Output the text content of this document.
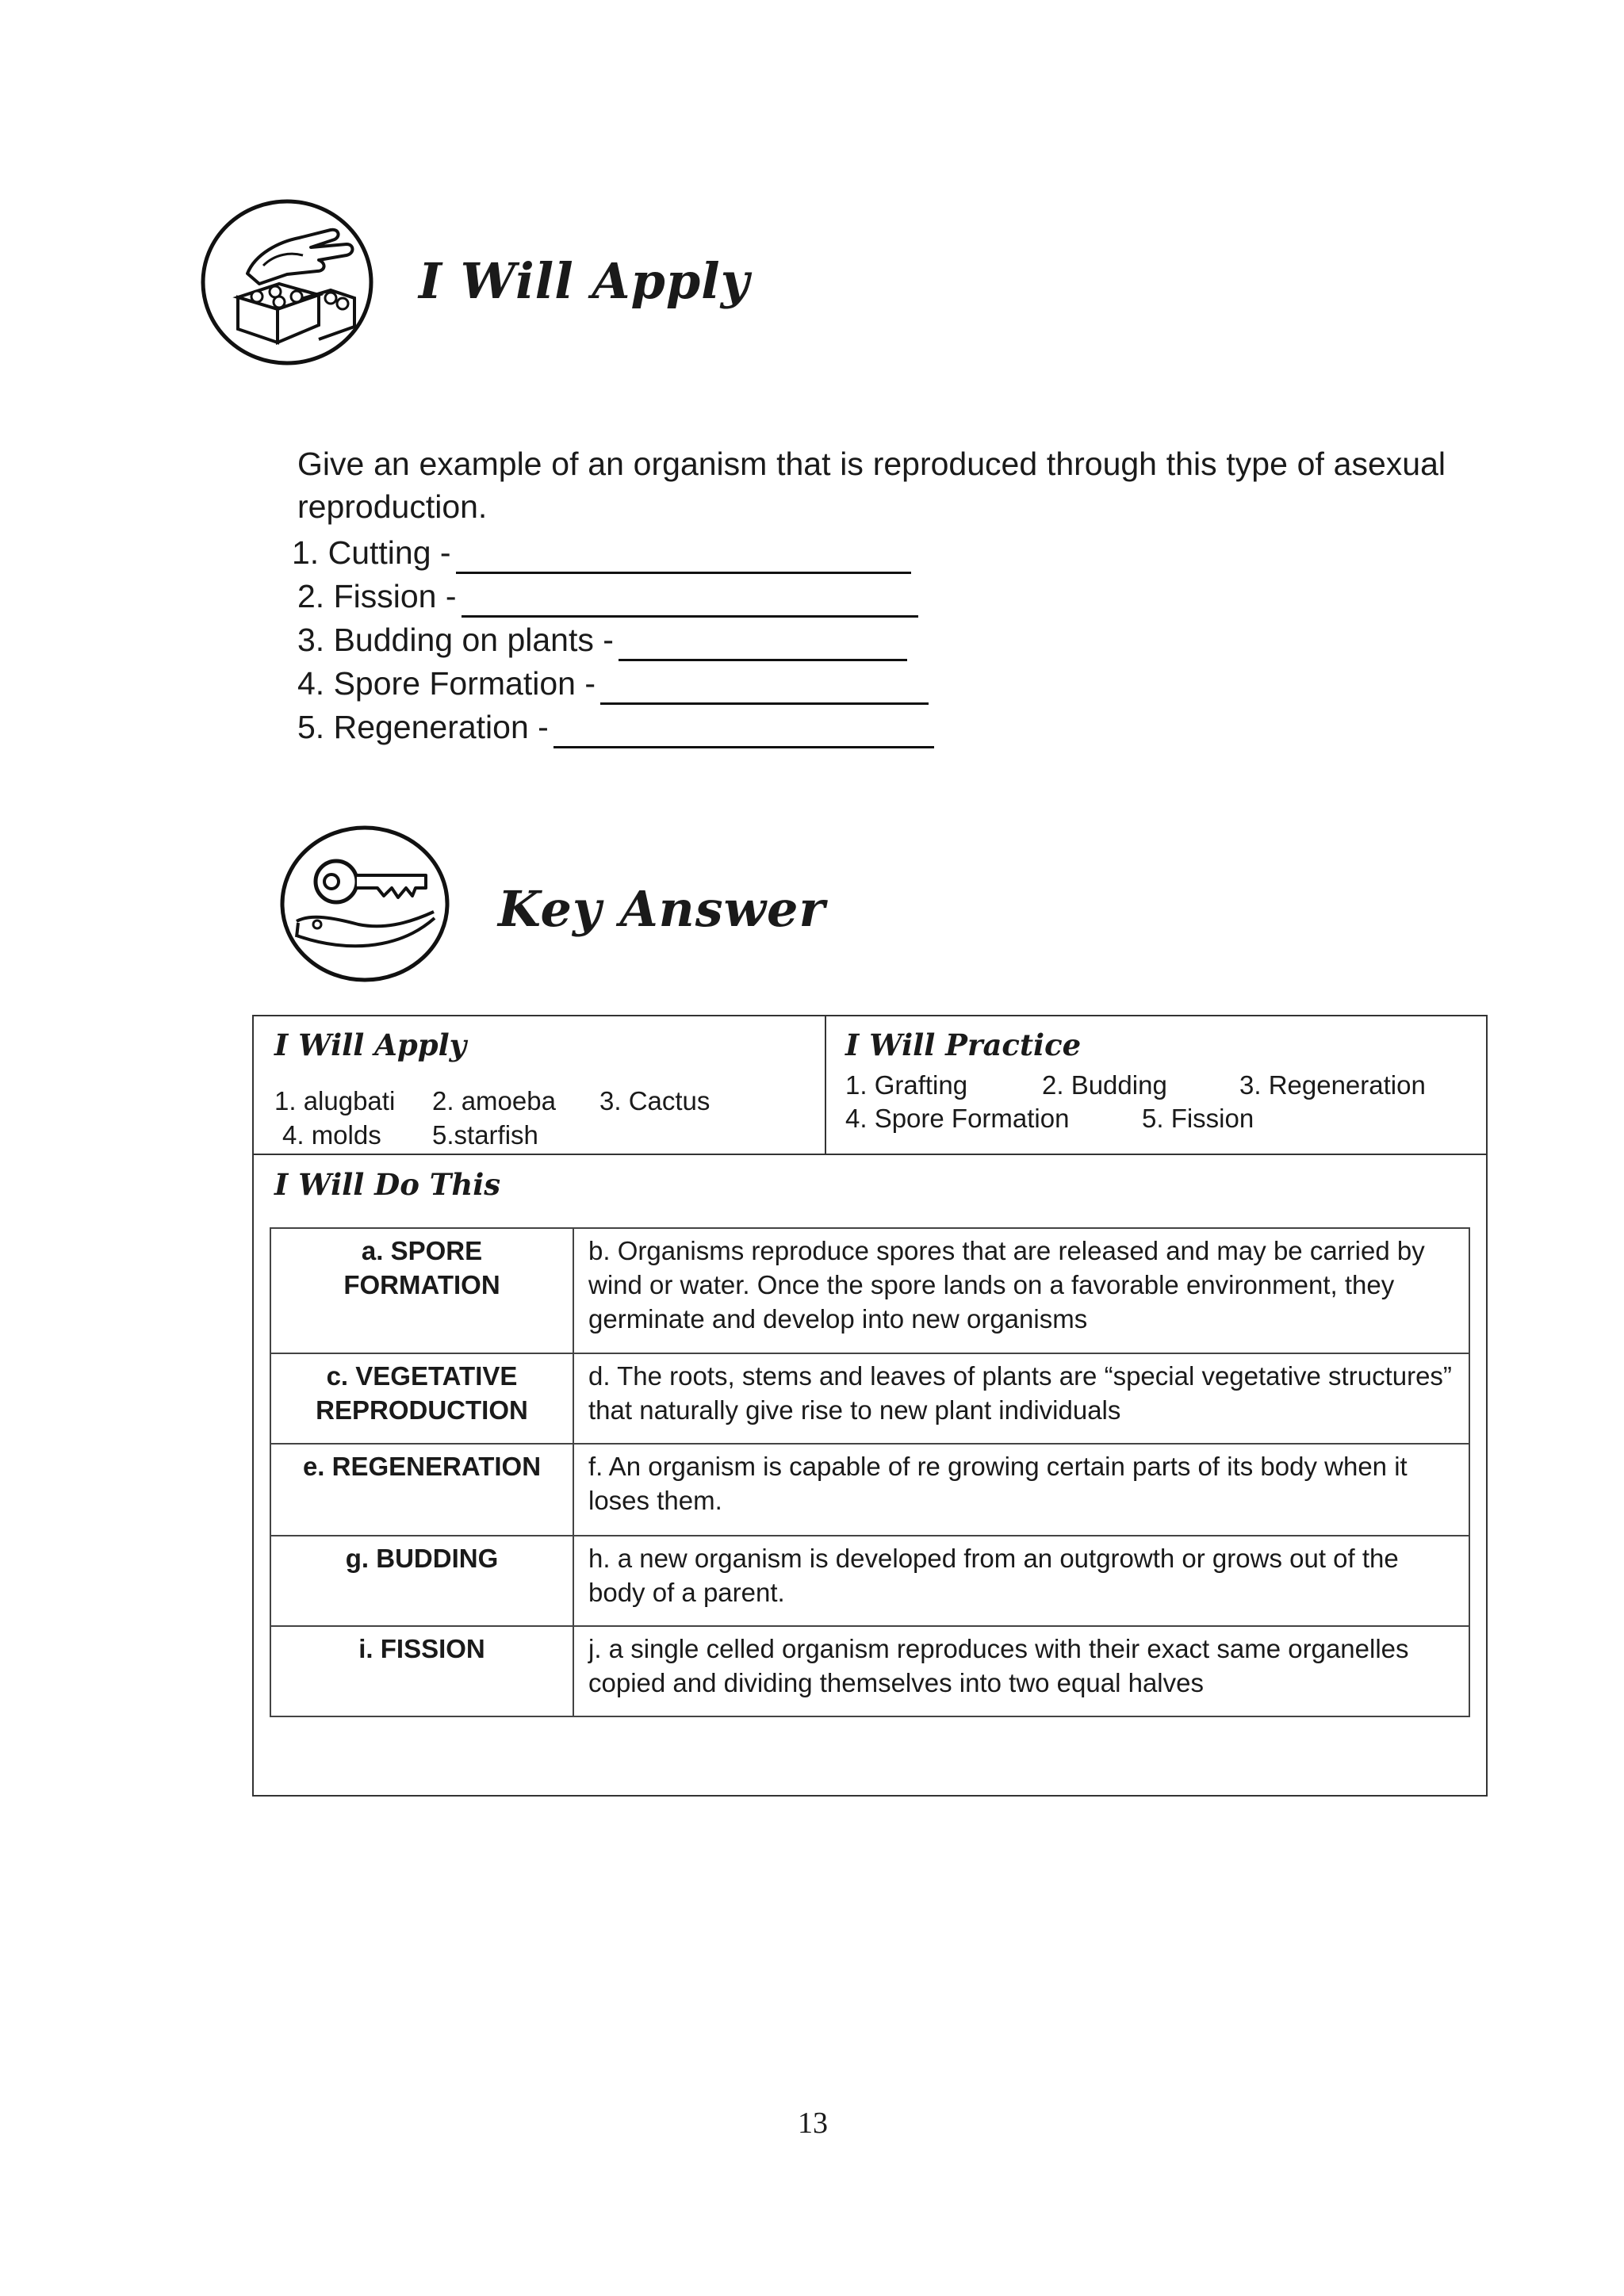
I Will Apply
Give an example of an organism that is reproduced through this type of asexual reproduction.
1. Cutting -
2. Fission -
3. Budding on plants -
4. Spore Formation -
5. Regeneration -
Key Answer
I Will Apply
1. alugbati 2. amoeba 3. Cactus
4. molds 5.starfish
I Will Practice
1. Grafting	2. Budding	3. Regeneration
4. Spore Formation	5. Fission
I Will Do This
a. SPORE FORMATION	b. Organisms reproduce spores that are released and may be carried by wind or water. Once the spore lands on a favorable environment, they germinate and develop into new organisms
c. VEGETATIVE REPRODUCTION	d. The roots, stems and leaves of plants are “special vegetative structures” that naturally give rise to new plant individuals
e. REGENERATION	f. An organism is capable of re growing certain parts of its body when it loses them.
g. BUDDING	h. a new organism is developed from an outgrowth or grows out of the body of a parent.
i. FISSION	j. a single celled organism reproduces with their exact same organelles copied and dividing themselves into two equal halves
13
